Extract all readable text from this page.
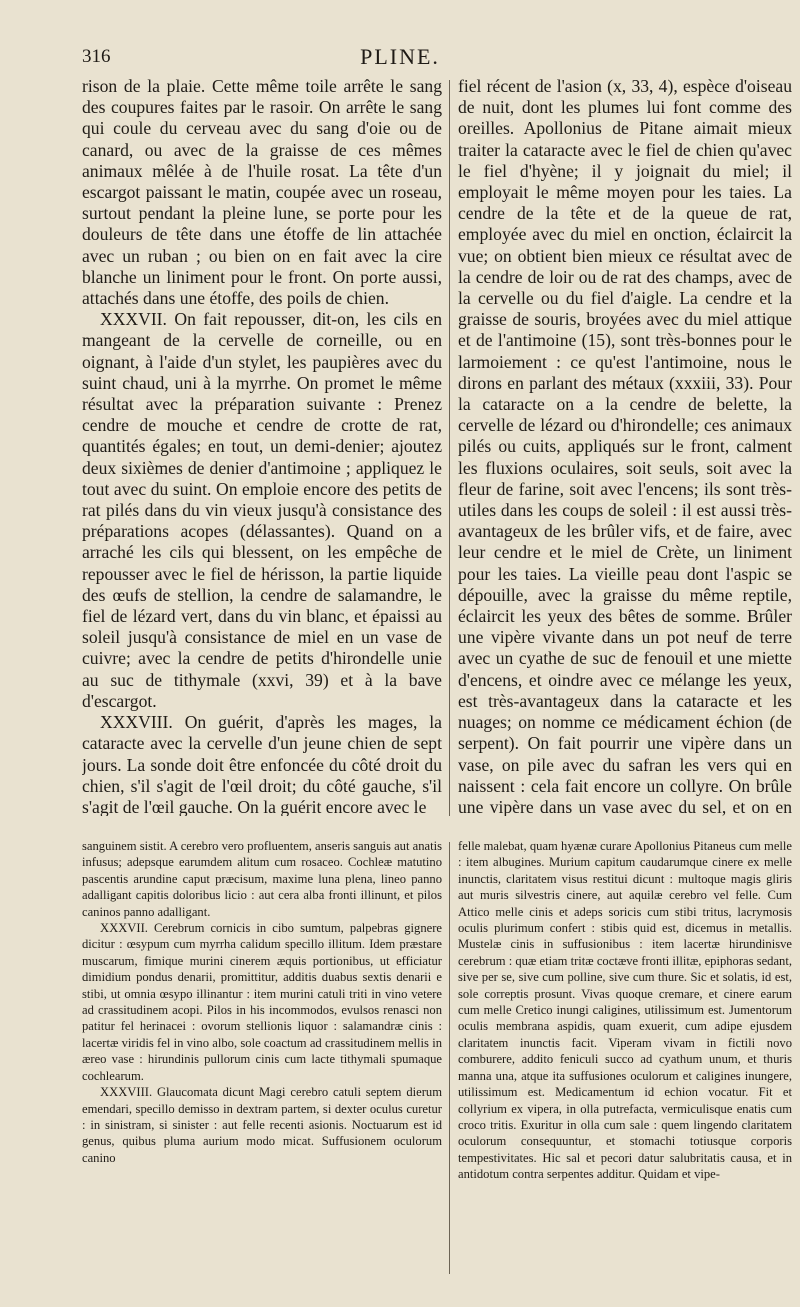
316	PLINE.

rison de la plaie. Cette même toile arrête le sang des coupures faites par le rasoir. On arrête le sang qui coule du cerveau avec du sang d'oie ou de canard, ou avec de la graisse de ces mêmes animaux mêlée à de l'huile rosat. La tête d'un escargot paissant le matin, coupée avec un roseau, surtout pendant la pleine lune, se porte pour les douleurs de tête dans une étoffe de lin attachée avec un ruban ; ou bien on en fait avec la cire blanche un liniment pour le front. On porte aussi, attachés dans une étoffe, des poils de chien.

XXXVII. On fait repousser, dit-on, les cils en mangeant de la cervelle de corneille, ou en oignant, à l'aide d'un stylet, les paupières avec du suint chaud, uni à la myrrhe. On promet le même résultat avec la préparation suivante : Prenez cendre de mouche et cendre de crotte de rat, quantités égales; en tout, un demi-denier; ajoutez deux sixièmes de denier d'antimoine ; appliquez le tout avec du suint. On emploie encore des petits de rat pilés dans du vin vieux jusqu'à consistance des préparations acopes (délassantes). Quand on a arraché les cils qui blessent, on les empêche de repousser avec le fiel de hérisson, la partie liquide des œufs de stellion, la cendre de salamandre, le fiel de lézard vert, dans du vin blanc, et épaissi au soleil jusqu'à consistance de miel en un vase de cuivre; avec la cendre de petits d'hirondelle unie au suc de tithymale (xxvi, 39) et à la bave d'escargot.

XXXVIII. On guérit, d'après les mages, la cataracte avec la cervelle d'un jeune chien de sept jours. La sonde doit être enfoncée du côté droit du chien, s'il s'agit de l'œil droit; du côté gauche, s'il s'agit de l'œil gauche. On la guérit encore avec le

fiel récent de l'asion (x, 33, 4), espèce d'oiseau de nuit, dont les plumes lui font comme des oreilles. Apollonius de Pitane aimait mieux traiter la cataracte avec le fiel de chien qu'avec le fiel d'hyène; il y joignait du miel; il employait le même moyen pour les taies. La cendre de la tête et de la queue de rat, employée avec du miel en onction, éclaircit la vue; on obtient bien mieux ce résultat avec de la cendre de loir ou de rat des champs, avec de la cervelle ou du fiel d'aigle. La cendre et la graisse de souris, broyées avec du miel attique et de l'antimoine (15), sont très-bonnes pour le larmoiement : ce qu'est l'antimoine, nous le dirons en parlant des métaux (xxxiii, 33). Pour la cataracte on a la cendre de belette, la cervelle de lézard ou d'hirondelle; ces animaux pilés ou cuits, appliqués sur le front, calment les fluxions oculaires, soit seuls, soit avec la fleur de farine, soit avec l'encens; ils sont très-utiles dans les coups de soleil : il est aussi très-avantageux de les brûler vifs, et de faire, avec leur cendre et le miel de Crète, un liniment pour les taies. La vieille peau dont l'aspic se dépouille, avec la graisse du même reptile, éclaircit les yeux des bêtes de somme. Brûler une vipère vivante dans un pot neuf de terre avec un cyathe de suc de fenouil et une miette d'encens, et oindre avec ce mélange les yeux, est très-avantageux dans la cataracte et les nuages; on nomme ce médicament échion (de serpent). On fait pourrir une vipère dans un vase, on pile avec du safran les vers qui en naissent : cela fait encore un collyre. On brûle une vipère dans un vase avec du sel, et on en

sanguinem sistit. A cerebro vero profluentem, anseris sanguis aut anatis infusus; adepsque earumdem alitum cum rosaceo. Cochleæ matutino pascentis arundine caput præcisum, maxime luna plena, lineo panno adalligant capitis doloribus licio : aut cera alba fronti illinunt, et pilos caninos panno adalligant.

XXXVII. Cerebrum cornicis in cibo sumtum, palpebras gignere dicitur : œsypum cum myrrha calidum specillo illitum. Idem præstare muscarum, fimique murini cinerem æquis portionibus, ut efficiatur dimidium pondus denarii, promittitur, additis duabus sextis denarii e stibi, ut omnia œsypo illinantur : item murini catuli triti in vino vetere ad crassitudinem acopi. Pilos in his incommodos, evulsos renasci non patitur fel herinacei : ovorum stellionis liquor : salamandræ cinis : lacertæ viridis fel in vino albo, sole coactum ad crassitudinem mellis in æreo vase : hirundinis pullorum cinis cum lacte tithymali spumaque cochlearum.

XXXVIII. Glaucomata dicunt Magi cerebro catuli septem dierum emendari, specillo demisso in dextram partem, si dexter oculus curetur : in sinistram, si sinister : aut felle recenti asionis. Noctuarum est id genus, quibus pluma aurium modo micat. Suffusionem oculorum canino

felle malebat, quam hyænæ curare Apollonius Pitaneus cum melle : item albugines. Murium capitum caudarumque cinere ex melle inunctis, claritatem visus restitui dicunt : multoque magis gliris aut muris silvestris cinere, aut aquilæ cerebro vel felle. Cum Attico melle cinis et adeps soricis cum stibi tritus, lacrymosis oculis plurimum confert : stibis quid est, dicemus in metallis. Mustelæ cinis in suffusionibus : item lacertæ hirundinisve cerebrum : quæ etiam tritæ coctæve fronti illitæ, epiphoras sedant, sive per se, sive cum polline, sive cum thure. Sic et solatis, id est, sole correptis prosunt. Vivas quoque cremare, et cinere earum cum melle Cretico inungi caligines, utilissimum est. Jumentorum oculis membrana aspidis, quam exuerit, cum adipe ejusdem claritatem inunctis facit. Viperam vivam in fictili novo comburere, addito feniculi succo ad cyathum unum, et thuris manna una, atque ita suffusiones oculorum et caligines inungere, utilissimum est. Medicamentum id echion vocatur. Fit et collyrium ex vipera, in olla putrefacta, vermiculisque enatis cum croco tritis. Exuritur in olla cum sale : quem lingendo claritatem oculorum consequuntur, et stomachi totiusque corporis tempestivitates. Hic sal et pecori datur salubritatis causa, et in antidotum contra serpentes additur. Quidam et vipe-
